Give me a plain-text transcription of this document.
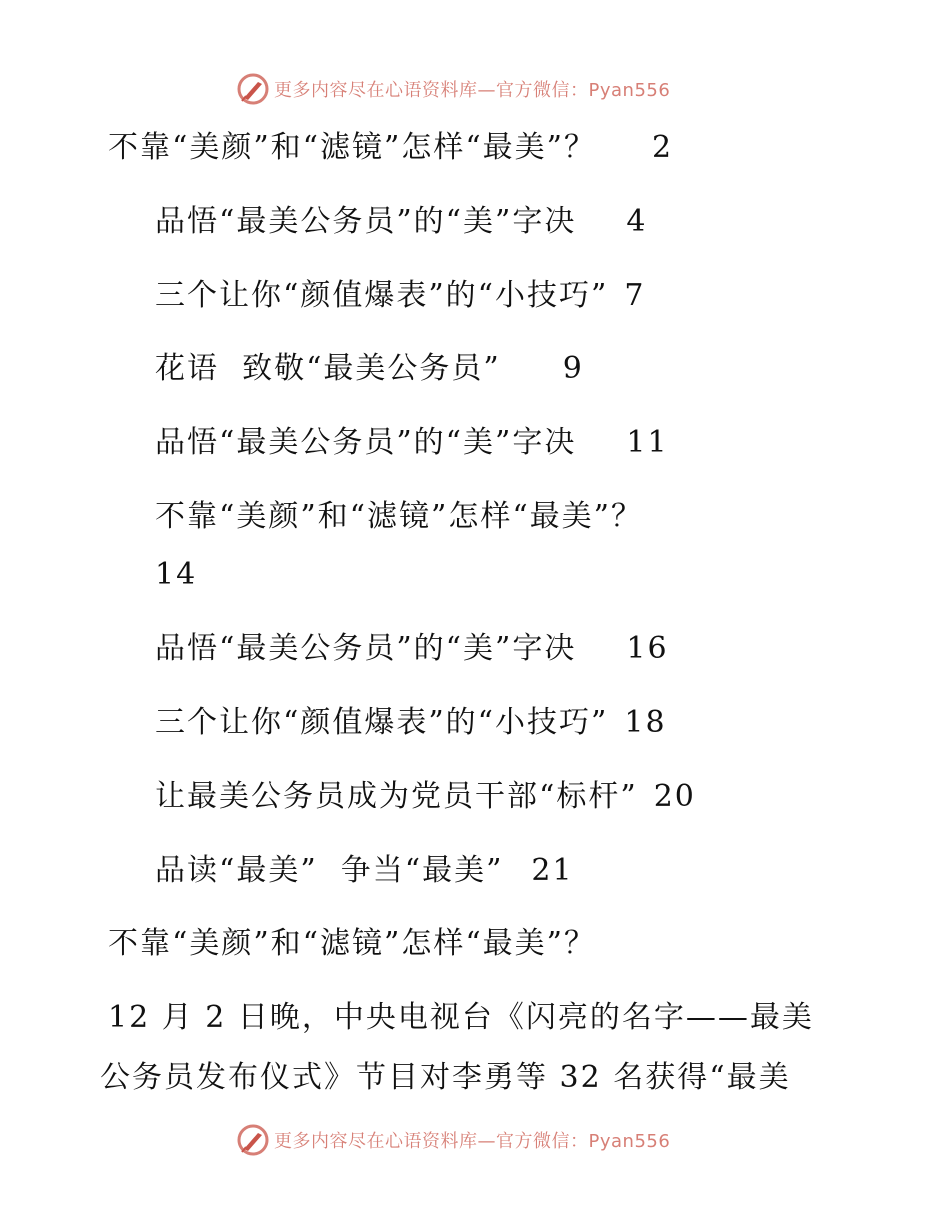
更多内容尽在心语资料库—官方微信：Pyan556
不靠“美颜”和“滤镜”怎样“最美”？ 2
品悟“最美公务员”的“美”字决 4
三个让你“颜值爆表”的“小技巧” 7
花语  致敬“最美公务员” 9
品悟“最美公务员”的“美”字决 11
不靠“美颜”和“滤镜”怎样“最美”？
14
品悟“最美公务员”的“美”字决 16
三个让你“颜值爆表”的“小技巧” 18
让最美公务员成为党员干部“标杆” 20
品读“最美”  争当“最美” 21
不靠“美颜”和“滤镜”怎样“最美”？
12 月 2 日晚，中央电视台《闪亮的名字——最美
公务员发布仪式》节目对李勇等 32 名获得“最美
更多内容尽在心语资料库—官方微信：Pyan556
